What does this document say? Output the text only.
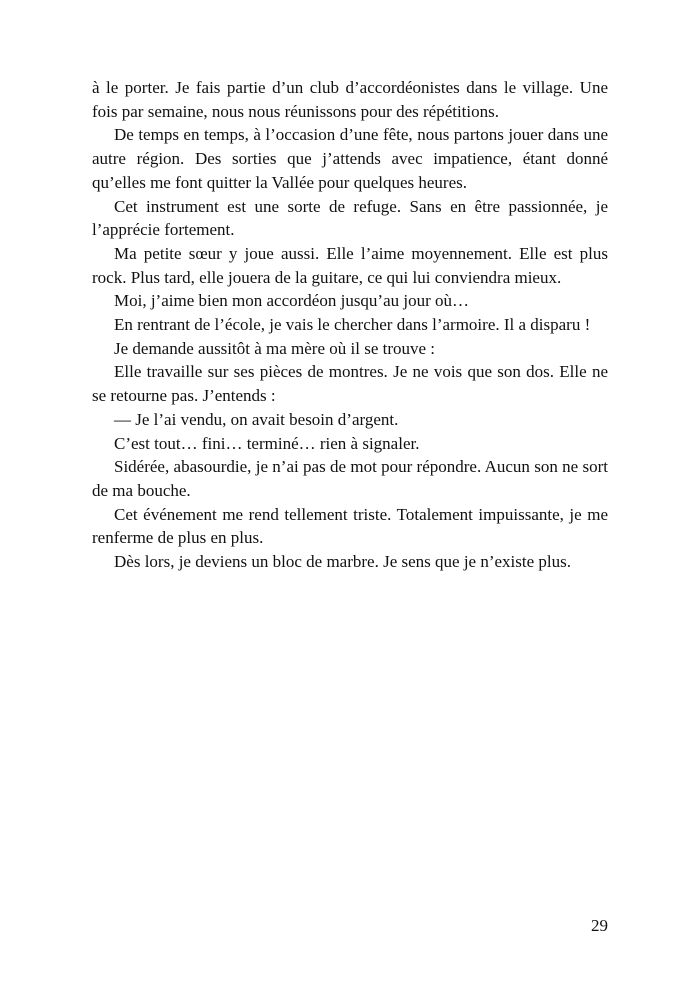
à le porter. Je fais partie d’un club d’accordéonistes dans le village. Une fois par semaine, nous nous réunissons pour des répétitions.

De temps en temps, à l’occasion d’une fête, nous partons jouer dans une autre région. Des sorties que j’attends avec impatience, étant donné qu’elles me font quitter la Vallée pour quelques heures.

Cet instrument est une sorte de refuge. Sans en être passionnée, je l’apprécie fortement.

Ma petite sœur y joue aussi. Elle l’aime moyennement. Elle est plus rock. Plus tard, elle jouera de la guitare, ce qui lui conviendra mieux.

Moi, j’aime bien mon accordéon jusqu’au jour où…

En rentrant de l’école, je vais le chercher dans l’armoire. Il a disparu !

Je demande aussitôt à ma mère où il se trouve :

Elle travaille sur ses pièces de montres. Je ne vois que son dos. Elle ne se retourne pas. J’entends :

— Je l’ai vendu, on avait besoin d’argent.

C’est tout… fini… terminé… rien à signaler.

Sidérée, abasourdie, je n’ai pas de mot pour répondre. Aucun son ne sort de ma bouche.

Cet événement me rend tellement triste. Totalement impuissante, je me renferme de plus en plus.

Dès lors, je deviens un bloc de marbre. Je sens que je n’existe plus.

29
